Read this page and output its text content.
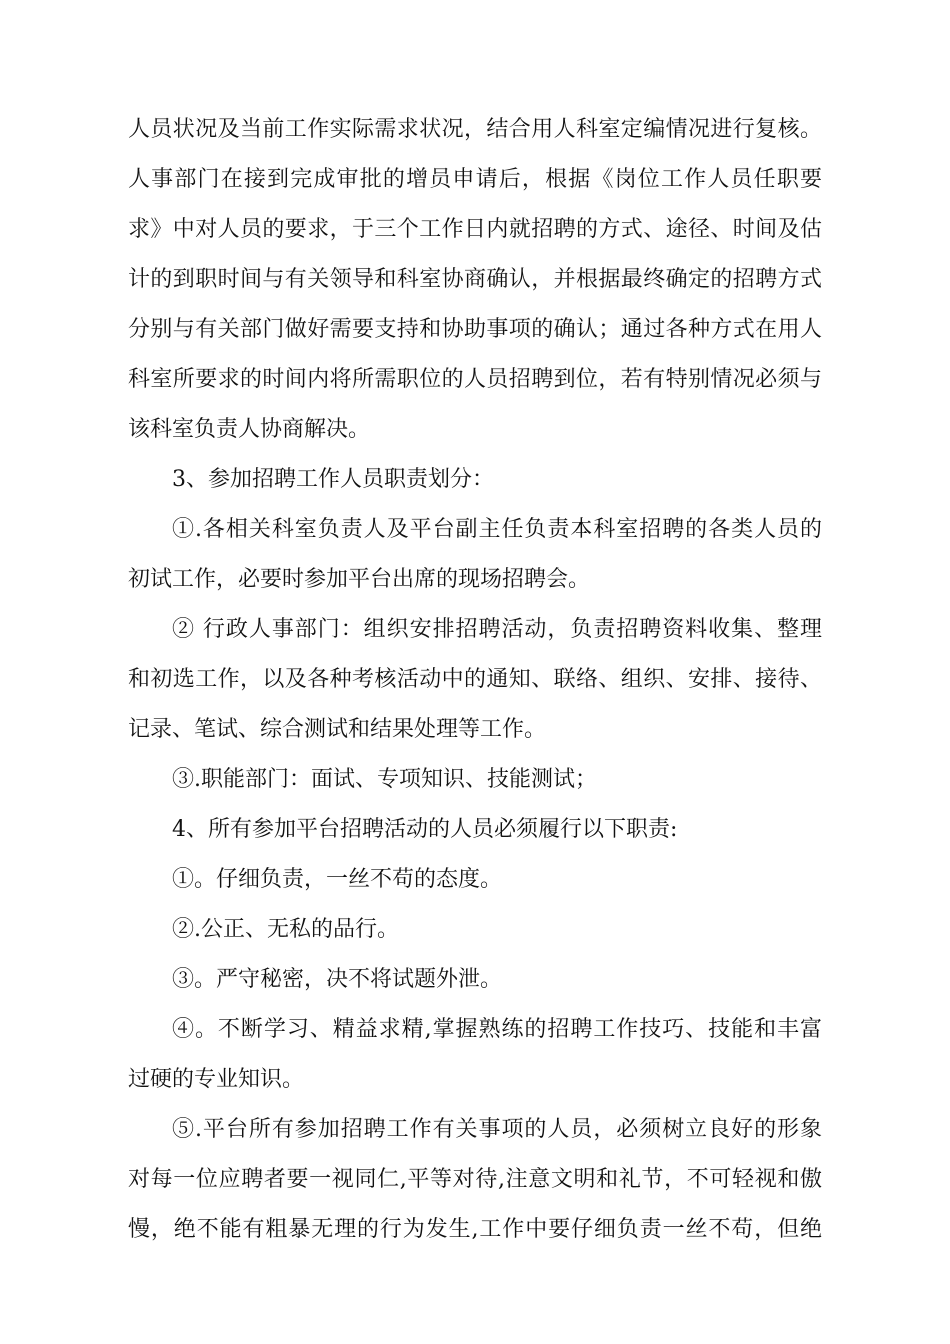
人员状况及当前工作实际需求状况，结合用人科室定编情况进行复核。
人事部门在接到完成审批的增员申请后，根据《岗位工作人员任职要
求》中对人员的要求，于三个工作日内就招聘的方式、途径、时间及估
计的到职时间与有关领导和科室协商确认，并根据最终确定的招聘方式
分别与有关部门做好需要支持和协助事项的确认；通过各种方式在用人
科室所要求的时间内将所需职位的人员招聘到位，若有特别情况必须与
该科室负责人协商解决。
3、参加招聘工作人员职责划分：
①.各相关科室负责人及平台副主任负责本科室招聘的各类人员的
初试工作，必要时参加平台出席的现场招聘会。
② 行政人事部门：组织安排招聘活动，负责招聘资料收集、整理
和初选工作，以及各种考核活动中的通知、联络、组织、安排、接待、
记录、笔试、综合测试和结果处理等工作。
③.职能部门：面试、专项知识、技能测试；
4、所有参加平台招聘活动的人员必须履行以下职责:
①。仔细负责，一丝不苟的态度。
②.公正、无私的品行。
③。严守秘密，决不将试题外泄。
④。不断学习、精益求精,掌握熟练的招聘工作技巧、技能和丰富
过硬的专业知识。
⑤.平台所有参加招聘工作有关事项的人员，必须树立良好的形象
对每一位应聘者要一视同仁,平等对待,注意文明和礼节，不可轻视和傲
慢，绝不能有粗暴无理的行为发生,工作中要仔细负责一丝不苟，但绝
